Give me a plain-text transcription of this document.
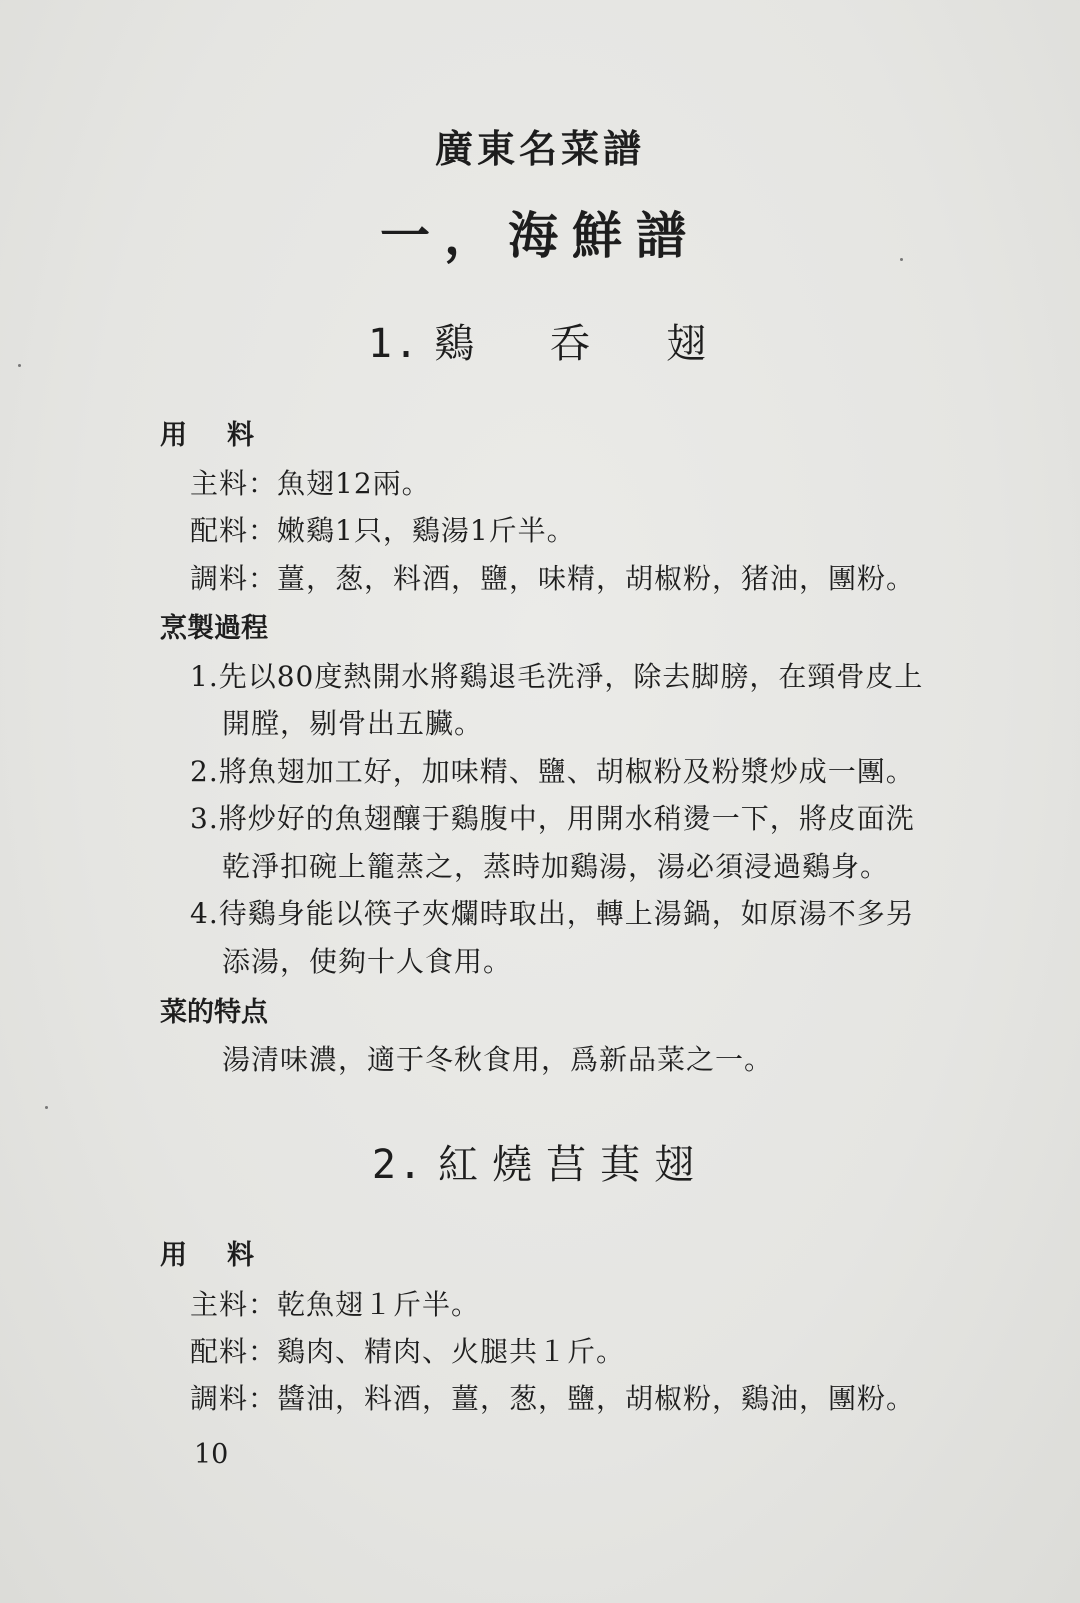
廣東名菜譜
一，海鮮譜
1. 鷄 呑 翅
用料
主料：魚翅12兩。
配料：嫩鷄1只，鷄湯1斤半。
調料：薑，葱，料酒，鹽，味精，胡椒粉，猪油，團粉。
烹製過程
1.先以80度熱開水將鷄退毛洗淨，除去脚膀，在頸骨皮上
開膛，剔骨出五臟。
2.將魚翅加工好，加味精、鹽、胡椒粉及粉漿炒成一團。
3.將炒好的魚翅釀于鷄腹中，用開水稍燙一下，將皮面洗
乾淨扣碗上籠蒸之，蒸時加鷄湯，湯必須浸過鷄身。
4.待鷄身能以筷子夾爛時取出，轉上湯鍋，如原湯不多另
添湯，使夠十人食用。
菜的特点
湯清味濃，適于冬秋食用，爲新品菜之一。
2. 紅燒莒萁翅
用料
主料：乾魚翅１斤半。
配料：鷄肉、精肉、火腿共１斤。
調料：醬油，料酒，薑，葱，鹽，胡椒粉，鷄油，團粉。
10
